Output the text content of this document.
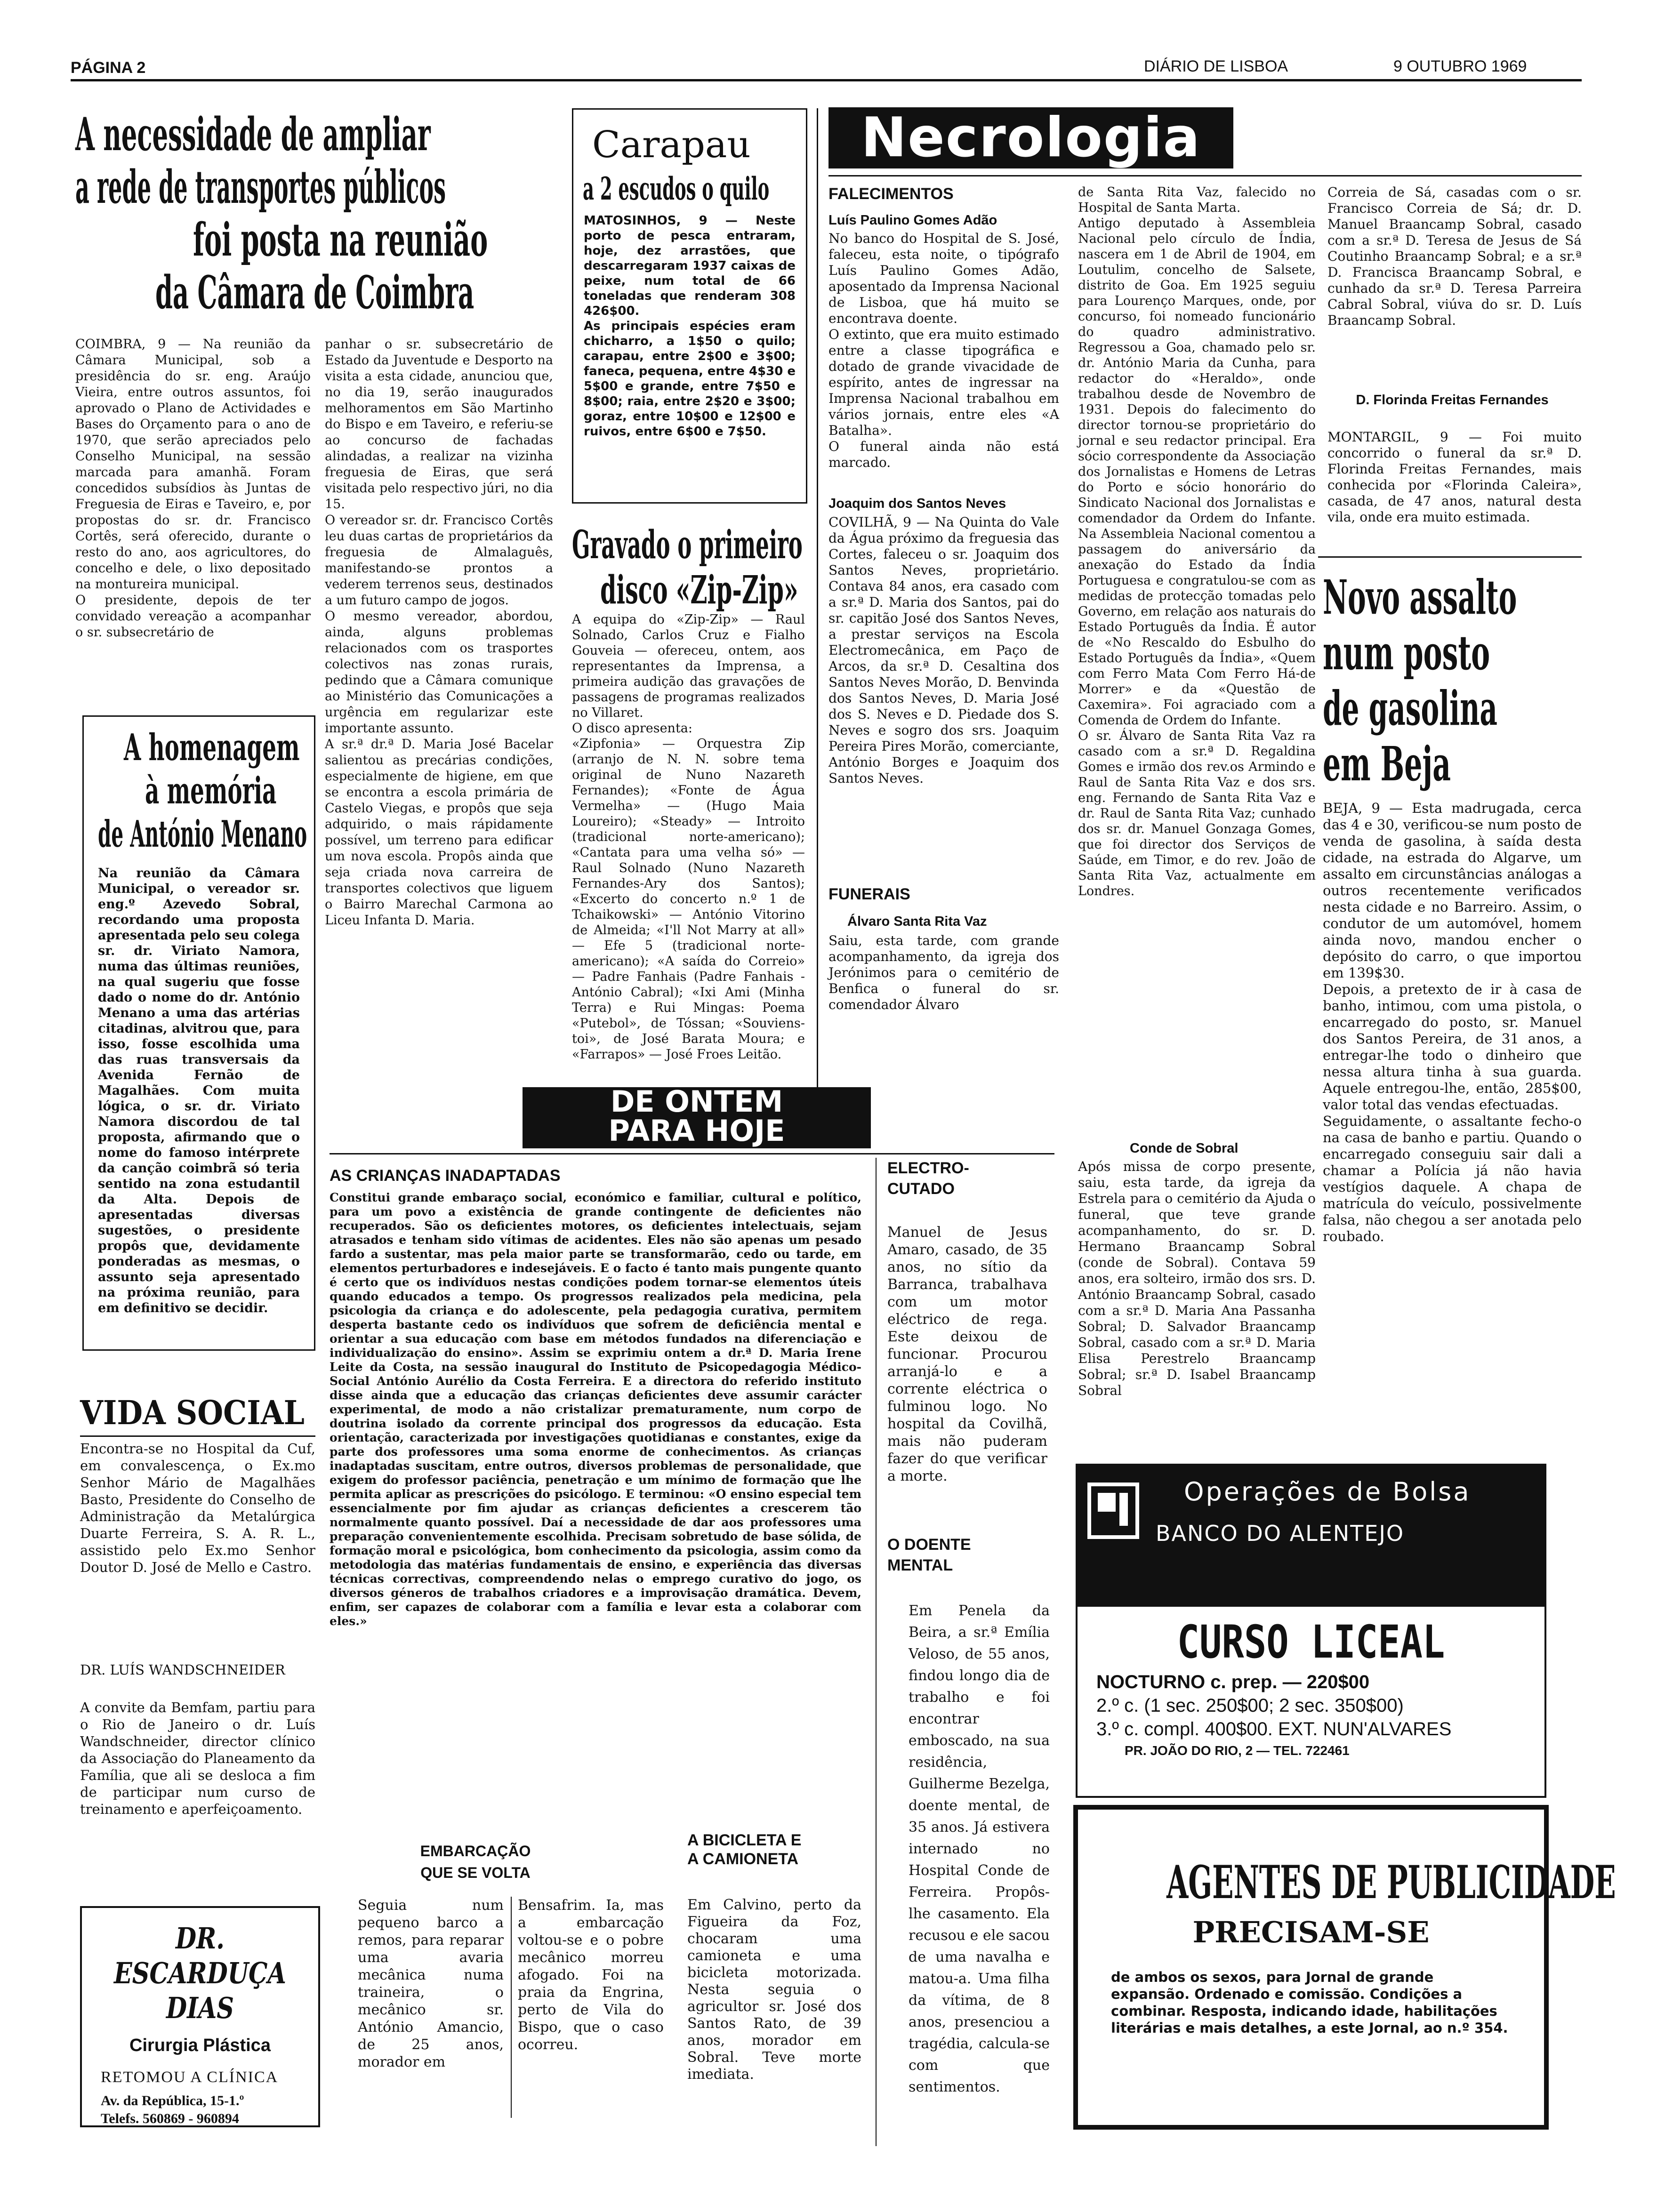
PÁGINA 2	DIÁRIO DE LISBOA	9 OUTUBRO 1969
A necessidade de ampliar
a rede de transportes públicos
foi posta na reunião
da Câmara de Coimbra

COIMBRA, 9 — Na reunião da Câmara Municipal, sob a presidência do sr. eng. Araújo Vieira, entre outros assuntos, foi aprovado o Plano de Actividades e Bases do Orçamento para o ano de 1970, que serão apreciados pelo Conselho Municipal, na sessão marcada para amanhã. Foram concedidos subsídios às Juntas de Freguesia de Eiras e Taveiro, e, por propostas do sr. dr. Francisco Cortês, será oferecido, durante o resto do ano, aos agricultores, do concelho e dele, o lixo depositado na montureira municipal.
O presidente, depois de ter convidado vereação a acompanhar o sr. subsecretário de

panhar o sr. subsecretário de Estado da Juventude e Desporto na visita a esta cidade, anunciou que, no dia 19, serão inaugurados melhoramentos em São Martinho do Bispo e em Taveiro, e referiu-se ao concurso de fachadas alindadas, a realizar na vizinha freguesia de Eiras, que será visitada pelo respectivo júri, no dia 15.
O vereador sr. dr. Francisco Cortês leu duas cartas de proprietários da freguesia de Almalaguês, manifestando-se prontos a vederem terrenos seus, destinados a um futuro campo de jogos.
O mesmo vereador, abordou, ainda, alguns problemas relacionados com os trasportes colectivos nas zonas rurais, pedindo que a Câmara comunique ao Ministério das Comunicações a urgência em regularizar este importante assunto.
A sr.ª dr.ª D. Maria José Bacelar salientou as precárias condições, especialmente de higiene, em que se encontra a escola primária de Castelo Viegas, e propôs que seja adquirido, o mais rápidamente possível, um terreno para edificar um nova escola. Propôs ainda que seja criada nova carreira de transportes colectivos que liguem o Bairro Marechal Carmona ao Liceu Infanta D. Maria.

A homenagem
à memória
de António Menano

Na reunião da Câmara Municipal, o vereador sr. eng.º Azevedo Sobral, recordando uma proposta apresentada pelo seu colega sr. dr. Viriato Namora, numa das últimas reuniões, na qual sugeriu que fosse dado o nome do dr. António Menano a uma das artérias citadinas, alvitrou que, para isso, fosse escolhida uma das ruas transversais da Avenida Fernão de Magalhães. Com muita lógica, o sr. dr. Viriato Namora discordou de tal proposta, afirmando que o nome do famoso intérprete da canção coimbrã só teria sentido na zona estudantil da Alta. Depois de apresentadas diversas sugestões, o presidente propôs que, devidamente ponderadas as mesmas, o assunto seja apresentado na próxima reunião, para em definitivo se decidir.

VIDA SOCIAL

Encontra-se no Hospital da Cuf, em convalescença, o Ex.mo Senhor Mário de Magalhães Basto, Presidente do Conselho de Administração da Metalúrgica Duarte Ferreira, S. A. R. L., assistido pelo Ex.mo Senhor Doutor D. José de Mello e Castro.

DR. LUÍS WANDSCHNEIDER

A convite da Bemfam, partiu para o Rio de Janeiro o dr. Luís Wandschneider, director clínico da Associação do Planeamento da Família, que ali se desloca a fim de participar num curso de treinamento e aperfeiçoamento.

DR. ESCARDUÇA
DIAS
Cirurgia Plástica
RETOMOU A CLÍNICA
Av. da República, 15-1.º
Telefs. 560869 - 960894
Carapau
a 2 escudos o quilo

MATOSINHOS, 9 — Neste porto de pesca entraram, hoje, dez arrastões, que descarregaram 1937 caixas de peixe, num total de 66 toneladas que renderam 308 426$00.
As principais espécies eram chicharro, a 1$50 o quilo; carapau, entre 2$00 e 3$00; faneca, pequena, entre 4$30 e 5$00 e grande, entre 7$50 e 8$00; raia, entre 2$20 e 3$00; goraz, entre 10$00 e 12$00 e ruivos, entre 6$00 e 7$50.

Gravado o primeiro
disco «Zip-Zip»

A equipa do «Zip-Zip» — Raul Solnado, Carlos Cruz e Fialho Gouveia — ofereceu, ontem, aos representantes da Imprensa, a primeira audição das gravações de passagens de programas realizados no Villaret.
O disco apresenta:
«Zipfonia» — Orquestra Zip (arranjo de N. N. sobre tema original de Nuno Nazareth Fernandes); «Fonte de Água Vermelha» — (Hugo Maia Loureiro); «Steady» — Introito (tradicional norte-americano); «Cantata para uma velha só» — Raul Solnado (Nuno Nazareth Fernandes-Ary dos Santos); «Excerto do concerto n.º 1 de Tchaikowski» — António Vitorino de Almeida; «I'll Not Marry at all» — Efe 5 (tradicional norte-americano); «A saída do Correio» — Padre Fanhais (Padre Fanhais - António Cabral); «Ixi Ami (Minha Terra) e Rui Mingas: Poema «Putebol», de Tóssan; «Souviens-toi», de José Barata Moura; e «Farrapos» — José Froes Leitão.

Necrologia
FALECIMENTOS
Luís Paulino Gomes Adão

No banco do Hospital de S. José, faleceu, esta noite, o tipógrafo Luís Paulino Gomes Adão, aposentado da Imprensa Nacional de Lisboa, que há muito se encontrava doente.
O extinto, que era muito estimado entre a classe tipográfica e dotado de grande vivacidade de espírito, antes de ingressar na Imprensa Nacional trabalhou em vários jornais, entre eles «A Batalha».
O funeral ainda não está marcado.

Joaquim dos Santos Neves

COVILHÃ, 9 — Na Quinta do Vale da Água próximo da freguesia das Cortes, faleceu o sr. Joaquim dos Santos Neves, proprietário. Contava 84 anos, era casado com a sr.ª D. Maria dos Santos, pai do sr. capitão José dos Santos Neves, a prestar serviços na Escola Electromecânica, em Paço de Arcos, da sr.ª D. Cesaltina dos Santos Neves Morão, D. Benvinda dos Santos Neves, D. Maria José dos S. Neves e D. Piedade dos S. Neves e sogro dos srs. Joaquim Pereira Pires Morão, comerciante, António Borges e Joaquim dos Santos Neves.

FUNERAIS
Álvaro Santa Rita Vaz

Saiu, esta tarde, com grande acompanhamento, da igreja dos Jerónimos para o cemitério de Benfica o funeral do sr. comendador Álvaro

de Santa Rita Vaz, falecido no Hospital de Santa Marta.
Antigo deputado à Assembleia Nacional pelo círculo de Índia, nascera em 1 de Abril de 1904, em Loutulim, concelho de Salsete, distrito de Goa. Em 1925 seguiu para Lourenço Marques, onde, por concurso, foi nomeado funcionário do quadro administrativo. Regressou a Goa, chamado pelo sr. dr. António Maria da Cunha, para redactor do «Heraldo», onde trabalhou desde de Novembro de 1931. Depois do falecimento do director tornou-se proprietário do jornal e seu redactor principal. Era sócio correspondente da Associação dos Jornalistas e Homens de Letras do Porto e sócio honorário do Sindicato Nacional dos Jornalistas e comendador da Ordem do Infante. Na Assembleia Nacional comentou a passagem do aniversário da anexação do Estado da Índia Portuguesa e congratulou-se com as medidas de protecção tomadas pelo Governo, em relação aos naturais do Estado Português da Índia. É autor de «No Rescaldo do Esbulho do Estado Português da Índia», «Quem com Ferro Mata Com Ferro Há-de Morrer» e da «Questão de Caxemira». Foi agraciado com a Comenda de Ordem do Infante.
O sr. Álvaro de Santa Rita Vaz ra casado com a sr.ª D. Regaldina Gomes e irmão dos rev.os Armindo e Raul de Santa Rita Vaz e dos srs. eng. Fernando de Santa Rita Vaz e dr. Raul de Santa Rita Vaz; cunhado dos sr. dr. Manuel Gonzaga Gomes, que foi director dos Serviços de Saúde, em Timor, e do rev. João de Santa Rita Vaz, actualmente em Londres.

Conde de Sobral

Após missa de corpo presente, saiu, esta tarde, da igreja da Estrela para o cemitério da Ajuda o funeral, que teve grande acompanhamento, do sr. D. Hermano Braancamp Sobral (conde de Sobral). Contava 59 anos, era solteiro, irmão dos srs. D. António Braancamp Sobral, casado com a sr.ª D. Maria Ana Passanha Sobral; D. Salvador Braancamp Sobral, casado com a sr.ª D. Maria Elisa Perestrelo Braancamp Sobral; sr.ª D. Isabel Braancamp Sobral

Correia de Sá, casadas com o sr. Francisco Correia de Sá; dr. D. Manuel Braancamp Sobral, casado com a sr.ª D. Teresa de Jesus de Sá Coutinho Braancamp Sobral; e a sr.ª D. Francisca Braancamp Sobral, e cunhado da sr.ª D. Teresa Parreira Cabral Sobral, viúva do sr. D. Luís Braancamp Sobral.

D. Florinda Freitas Fernandes

MONTARGIL, 9 — Foi muito concorrido o funeral da sr.ª D. Florinda Freitas Fernandes, mais conhecida por «Florinda Caleira», casada, de 47 anos, natural desta vila, onde era muito estimada.

Novo assalto
num posto
de gasolina
em Beja

BEJA, 9 — Esta madrugada, cerca das 4 e 30, verificou-se num posto de venda de gasolina, à saída desta cidade, na estrada do Algarve, um assalto em circunstâncias análogas a outros recentemente verificados nesta cidade e no Barreiro. Assim, o condutor de um automóvel, homem ainda novo, mandou encher o depósito do carro, o que importou em 139$30.
Depois, a pretexto de ir à casa de banho, intimou, com uma pistola, o encarregado do posto, sr. Manuel dos Santos Pereira, de 31 anos, a entregar-lhe todo o dinheiro que nessa altura tinha à sua guarda. Aquele entregou-lhe, então, 285$00, valor total das vendas efectuadas.
Seguidamente, o assaltante fecho-o na casa de banho e partiu. Quando o encarregado conseguiu sair dali a chamar a Polícia já não havia vestígios daquele. A chapa de matrícula do veículo, possivelmente falsa, não chegou a ser anotada pelo roubado.

DE ONTEM
PARA HOJE
AS CRIANÇAS INADAPTADAS

Constitui grande embaraço social, económico e familiar, cultural e político, para um povo a existência de grande contingente de deficientes não recuperados. São os deficientes motores, os deficientes intelectuais, sejam atrasados e tenham sido vítimas de acidentes. Eles não são apenas um pesado fardo a sustentar, mas pela maior parte se transformarão, cedo ou tarde, em elementos perturbadores e indesejáveis. E o facto é tanto mais pungente quanto é certo que os indivíduos nestas condições podem tornar-se elementos úteis quando educados a tempo. Os progressos realizados pela medicina, pela psicologia da criança e do adolescente, pela pedagogia curativa, permitem desperta bastante cedo os indivíduos que sofrem de deficiência mental e orientar a sua educação com base em métodos fundados na diferenciação e individualização do ensino». Assim se exprimiu ontem a dr.ª D. Maria Irene Leite da Costa, na sessão inaugural do Instituto de Psicopedagogia Médico-Social António Aurélio da Costa Ferreira. E a directora do referido instituto disse ainda que a educação das crianças deficientes deve assumir carácter experimental, de modo a não cristalizar prematuramente, num corpo de doutrina isolado da corrente principal dos progressos da educação. Esta orientação, caracterizada por investigações quotidianas e constantes, exige da parte dos professores uma soma enorme de conhecimentos. As crianças inadaptadas suscitam, entre outros, diversos problemas de personalidade, que exigem do professor paciência, penetração e um mínimo de formação que lhe permita aplicar as prescrições do psicólogo. E terminou: «O ensino especial tem essencialmente por fim ajudar as crianças deficientes a crescerem tão normalmente quanto possível. Daí a necessidade de dar aos professores uma preparação convenientemente escolhida. Precisam sobretudo de base sólida, de formação moral e psicológica, bom conhecimento da psicologia, assim como da metodologia das matérias fundamentais de ensino, e experiência das diversas técnicas correctivas, compreendendo nelas o emprego curativo do jogo, os diversos géneros de trabalhos criadores e a improvisação dramática. Devem, enfim, ser capazes de colaborar com a família e levar esta a colaborar com eles.»

EMBARCAÇÃO QUE SE VOLTA

Seguia num pequeno barco a remos, para reparar uma avaria mecânica numa traineira, o mecânico sr. António Amancio, de 25 anos, morador em

Bensafrim. Ia, mas a embarcação voltou-se e o pobre mecânico morreu afogado. Foi na praia da Engrina, perto de Vila do Bispo, que o caso ocorreu.

A BICICLETA E A CAMIONETA

Em Calvino, perto da Figueira da Foz, chocaram uma camioneta e uma bicicleta motorizada. Nesta seguia o agricultor sr. José dos Santos Rato, de 39 anos, morador em Sobral. Teve morte imediata.

ELECTRO-CUTADO

Manuel de Jesus Amaro, casado, de 35 anos, no sítio da Barranca, trabalhava com um motor eléctrico de rega. Este deixou de funcionar. Procurou arranjá-lo e a corrente eléctrica o fulminou logo. No hospital da Covilhã, mais não puderam fazer do que verificar a morte.

O DOENTE MENTAL

Em Penela da Beira, a sr.ª Emília Veloso, de 55 anos, findou longo dia de trabalho e foi encontrar emboscado, na sua residência, Guilherme Bezelga, doente mental, de 35 anos. Já estivera internado no Hospital Conde de Ferreira. Propôs-lhe casamento. Ela recusou e ele sacou de uma navalha e matou-a. Uma filha da vítima, de 8 anos, presenciou a tragédia, calcula-se com que sentimentos.

Operações de Bolsa
BANCO DO ALENTEJO
CURSO LICEAL
NOCTURNO c. prep. — 220$00
2.º c. (1 sec. 250$00; 2 sec. 350$00)
3.º c. compl. 400$00. EXT. NUN'ALVARES
PR. JOÃO DO RIO, 2 — TEL. 722461
AGENTES DE PUBLICIDADE
PRECISAM-SE

de ambos os sexos, para Jornal de grande expansão. Ordenado e comissão. Condições a combinar. Resposta, indicando idade, habilitações literárias e mais detalhes, a este Jornal, ao n.º 354.
